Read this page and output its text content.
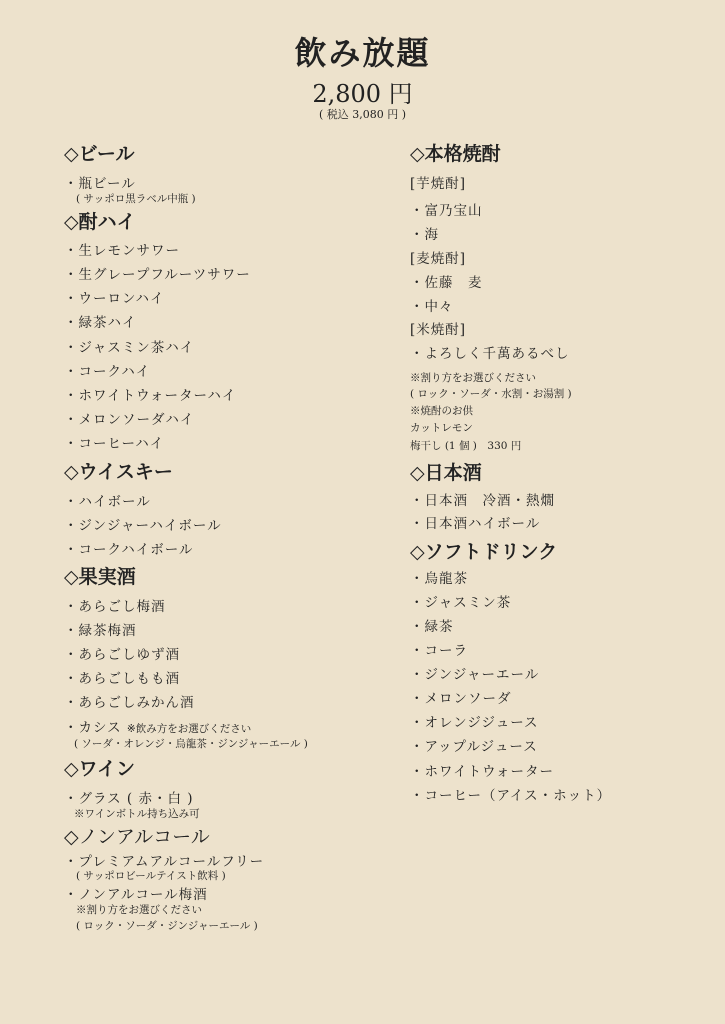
飲み放題
2,800 円
( 税込 3,080 円 )
◇ビール
・瓶ビール
( サッポロ黒ラベル中瓶 )
◇酎ハイ
・生レモンサワー
・生グレープフルーツサワー
・ウーロンハイ
・緑茶ハイ
・ジャスミン茶ハイ
・コークハイ
・ホワイトウォーターハイ
・メロンソーダハイ
・コーヒーハイ
◇ウイスキー
・ハイボール
・ジンジャーハイボール
・コークハイボール
◇果実酒
・あらごし梅酒
・緑茶梅酒
・あらごしゆず酒
・あらごしもも酒
・あらごしみかん酒
・カシス ※飲み方をお選びください
( ソーダ・オレンジ・烏龍茶・ジンジャーエール )
◇ワイン
・グラス ( 赤・白 )
※ワインボトル持ち込み可
◇ノンアルコール
・プレミアムアルコールフリー
( サッポロビールテイスト飲料 )
・ノンアルコール梅酒
※割り方をお選びください
( ロック・ソーダ・ジンジャーエール )
◇本格焼酎
[芋焼酎]
・富乃宝山
・海
[麦焼酎]
・佐藤　麦
・中々
[米焼酎]
・よろしく千萬あるべし
※割り方をお選びください
( ロック・ソーダ・水割・お湯割 )
※焼酎のお供
カットレモン
梅干し (1 個 )　330 円
◇日本酒
・日本酒　冷酒・熱燗
・日本酒ハイボール
◇ソフトドリンク
・烏龍茶
・ジャスミン茶
・緑茶
・コーラ
・ジンジャーエール
・メロンソーダ
・オレンジジュース
・アップルジュース
・ホワイトウォーター
・コーヒー（アイス・ホット）
